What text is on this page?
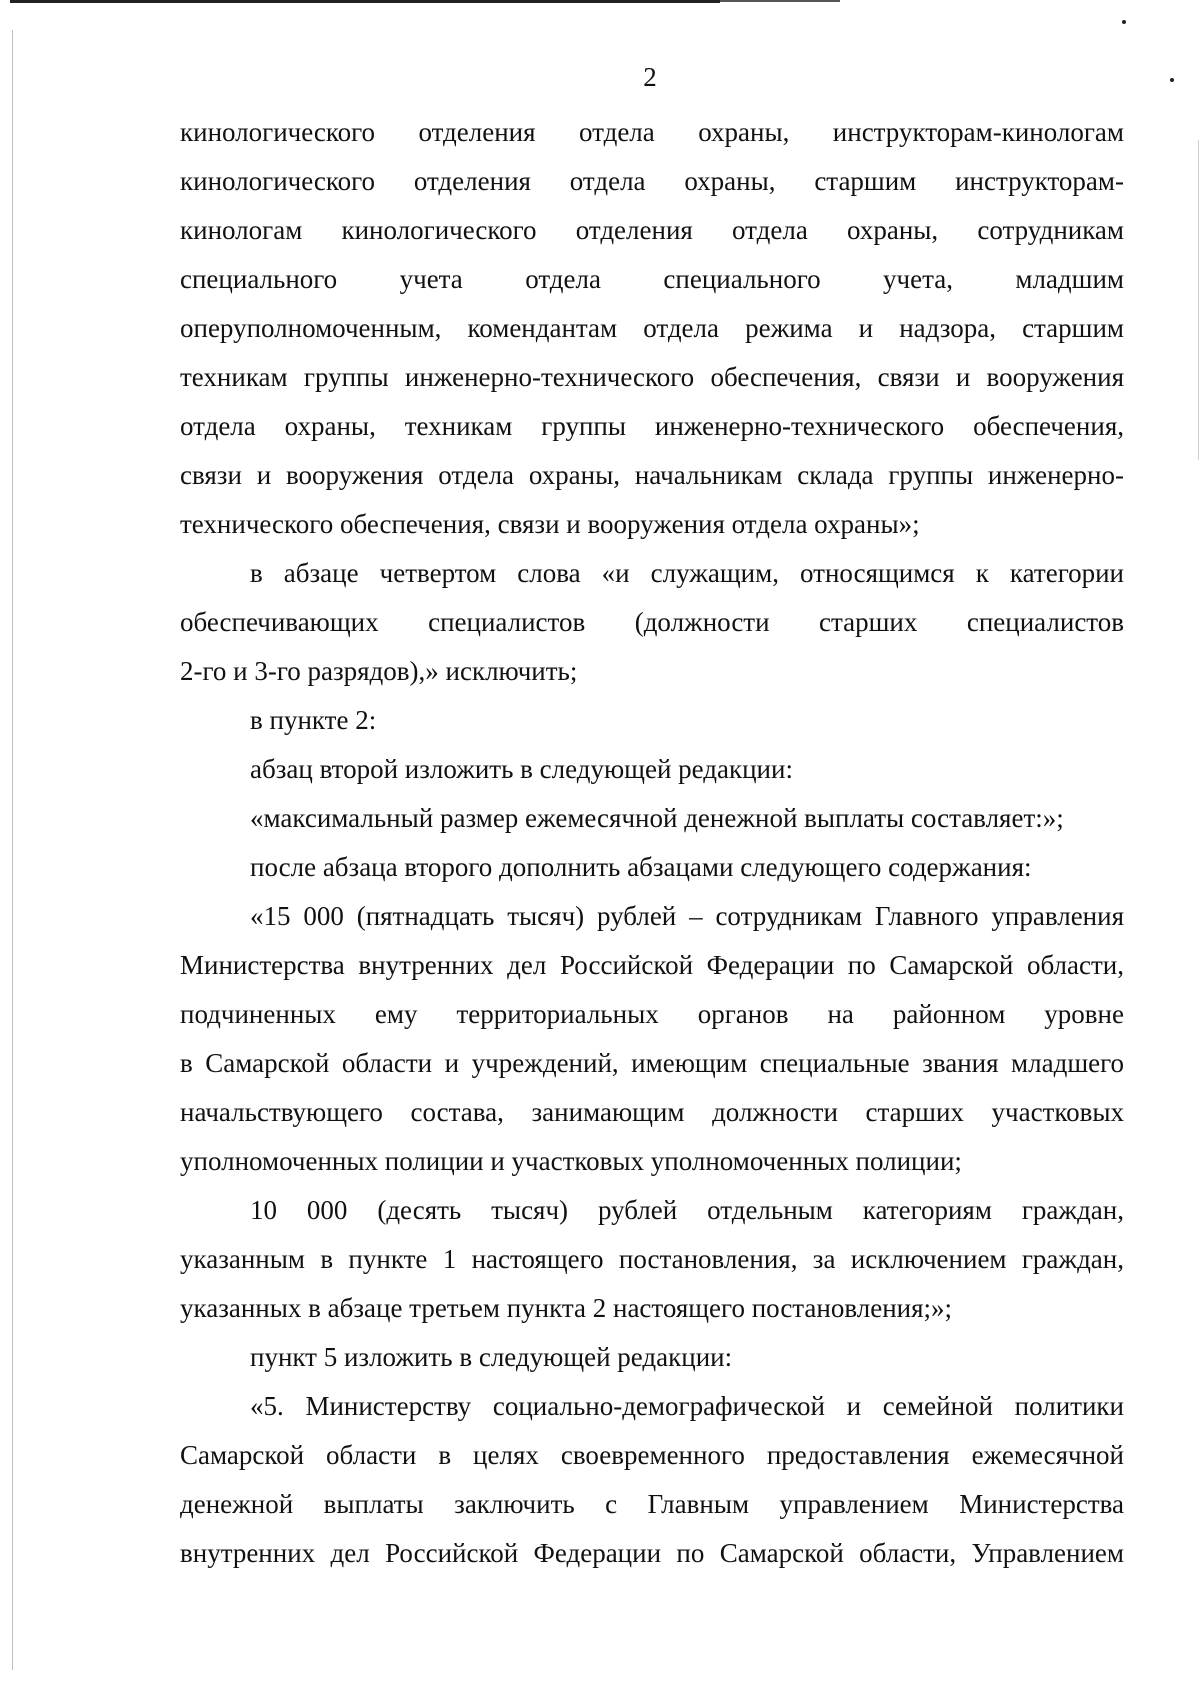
2
кинологического отделения отдела охраны, инструкторам-кинологам
кинологического отделения отдела охраны, старшим инструкторам-
кинологам кинологического отделения отдела охраны, сотрудникам
специального учета отдела специального учета, младшим
оперуполномоченным, комендантам отдела режима и надзора, старшим
техникам группы инженерно-технического обеспечения, связи и вооружения
отдела охраны, техникам группы инженерно-технического обеспечения,
связи и вооружения отдела охраны, начальникам склада группы инженерно-
технического обеспечения, связи и вооружения отдела охраны»;
в абзаце четвертом слова «и служащим, относящимся к категории
обеспечивающих специалистов (должности старших специалистов
2-го и 3-го разрядов),» исключить;
в пункте 2:
абзац второй изложить в следующей редакции:
«максимальный размер ежемесячной денежной выплаты составляет:»;
после абзаца второго дополнить абзацами следующего содержания:
«15 000 (пятнадцать тысяч) рублей – сотрудникам Главного управления
Министерства внутренних дел Российской Федерации по Самарской области,
подчиненных ему территориальных органов на районном уровне
в Самарской области и учреждений, имеющим специальные звания младшего
начальствующего состава, занимающим должности старших участковых
уполномоченных полиции и участковых уполномоченных полиции;
10 000 (десять тысяч) рублей отдельным категориям граждан,
указанным в пункте 1 настоящего постановления, за исключением граждан,
указанных в абзаце третьем пункта 2 настоящего постановления;»;
пункт 5 изложить в следующей редакции:
«5. Министерству социально-демографической и семейной политики
Самарской области в целях своевременного предоставления ежемесячной
денежной выплаты заключить с Главным управлением Министерства
внутренних дел Российской Федерации по Самарской области, Управлением
